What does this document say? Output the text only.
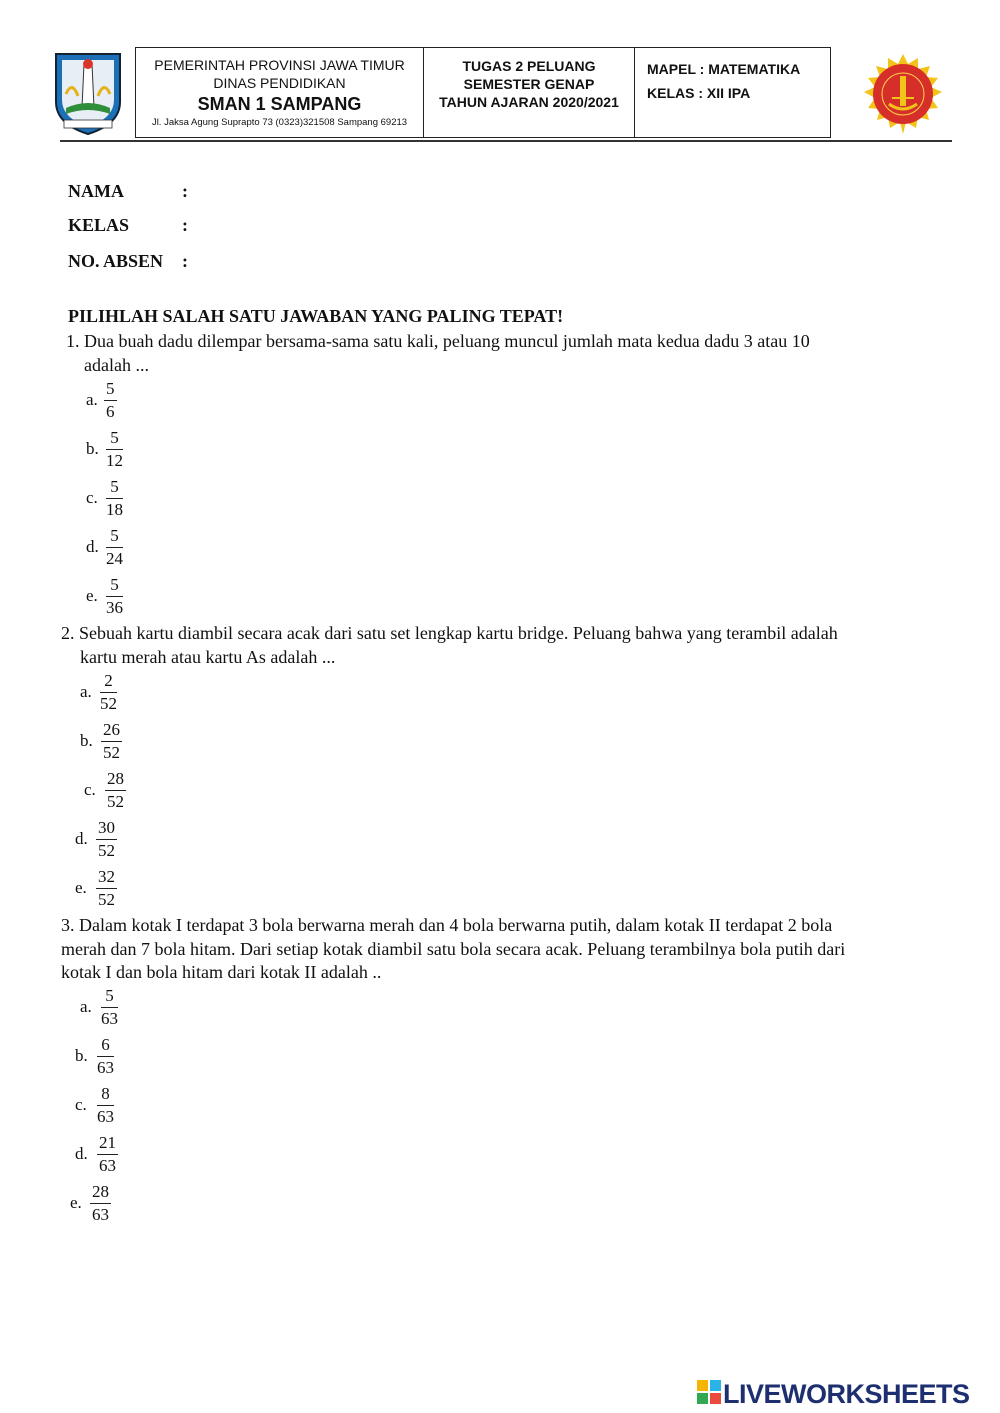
PEMERINTAH PROVINSI JAWA TIMUR
DINAS PENDIDIKAN
SMAN 1 SAMPANG
Jl. Jaksa Agung Suprapto 73 (0323)321508 Sampang 69213
TUGAS 2 PELUANG
SEMESTER GENAP
TAHUN AJARAN 2020/2021
MAPEL : MATEMATIKA
KELAS : XII IPA
NAMA	:
KELAS	:
NO. ABSEN :
PILIHLAH SALAH SATU JAWABAN YANG PALING TEPAT!
1. Dua buah dadu dilempar bersama-sama satu kali, peluang muncul jumlah mata kedua dadu 3 atau 10
adalah ...
a. $\frac{5}{6}$
b. $\frac{5}{12}$
c. $\frac{5}{18}$
d. $\frac{5}{24}$
e. $\frac{5}{36}$
2. Sebuah kartu diambil secara acak dari satu set lengkap kartu bridge. Peluang bahwa yang terambil adalah
kartu merah atau kartu As adalah ...
a. $\frac{2}{52}$
b. $\frac{26}{52}$
c. $\frac{28}{52}$
d. $\frac{30}{52}$
e. $\frac{32}{52}$
3. Dalam kotak I terdapat 3 bola berwarna merah dan 4 bola berwarna putih, dalam kotak II terdapat 2 bola
merah dan 7 bola hitam. Dari setiap kotak diambil satu bola secara acak. Peluang terambilnya bola putih dari
kotak I dan bola hitam dari kotak II adalah ..
a. $\frac{5}{63}$
b. $\frac{6}{63}$
c. $\frac{8}{63}$
d. $\frac{21}{63}$
e. $\frac{28}{63}$
LIVEWORKSHEETS
